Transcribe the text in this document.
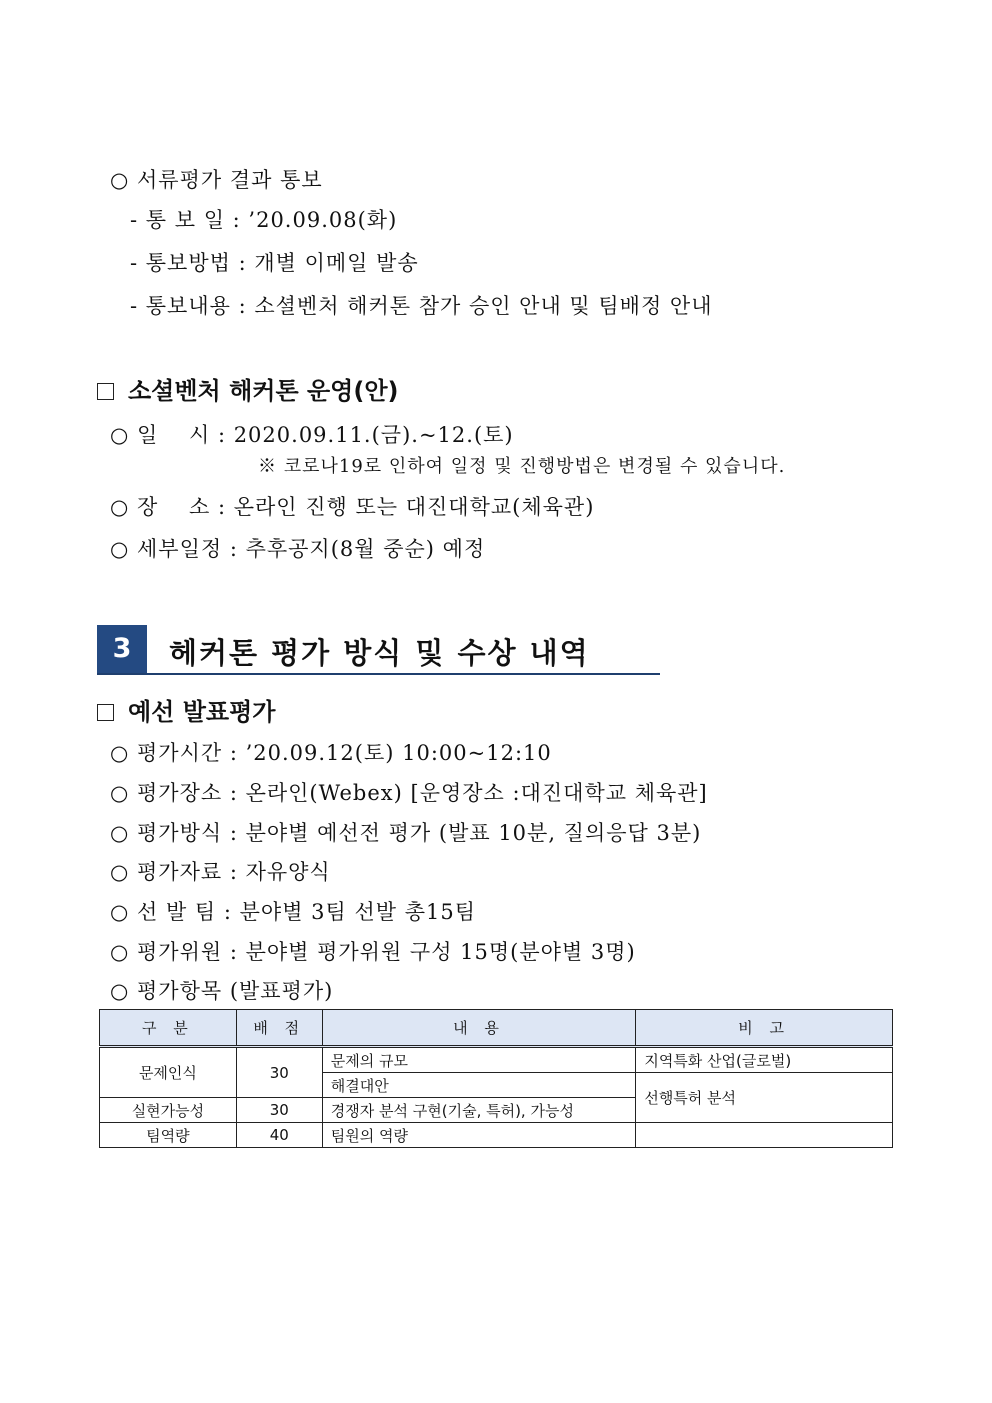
○ 서류평가 결과 통보
- 통 보 일 : ’20.09.08(화)
- 통보방법 : 개별 이메일 발송
- 통보내용 : 소셜벤처 해커톤 참가 승인 안내 및 팀배정 안내
소셜벤처 해커톤 운영(안)
○ 일    시 : 2020.09.11.(금).~12.(토)
※ 코로나19로 인하여 일정 및 진행방법은 변경될 수 있습니다.
○ 장    소 : 온라인 진행 또는 대진대학교(체육관)
○ 세부일정 : 추후공지(8월 중순) 예정
3	헤커톤 평가 방식 및 수상 내역
예선 발표평가
○ 평가시간 : ’20.09.12(토) 10:00~12:10
○ 평가장소 : 온라인(Webex) [운영장소 :대진대학교 체육관]
○ 평가방식 : 분야별 예선전 평가 (발표 10분, 질의응답 3분)
○ 평가자료 : 자유양식
○ 선 발 팀 : 분야별 3팀 선발 총15팀
○ 평가위원 : 분야별 평가위원 구성 15명(분야별 3명)
○ 평가항목 (발표평가)
구 분	배 점	내 용	비 고
문제인식	30	문제의 규모	지역특화 산업(글로벌)
		해결대안	선행특허 분석
실현가능성	30	경쟁자 분석 구현(기술, 특허), 가능성	
팀역량	40	팀원의 역량	
